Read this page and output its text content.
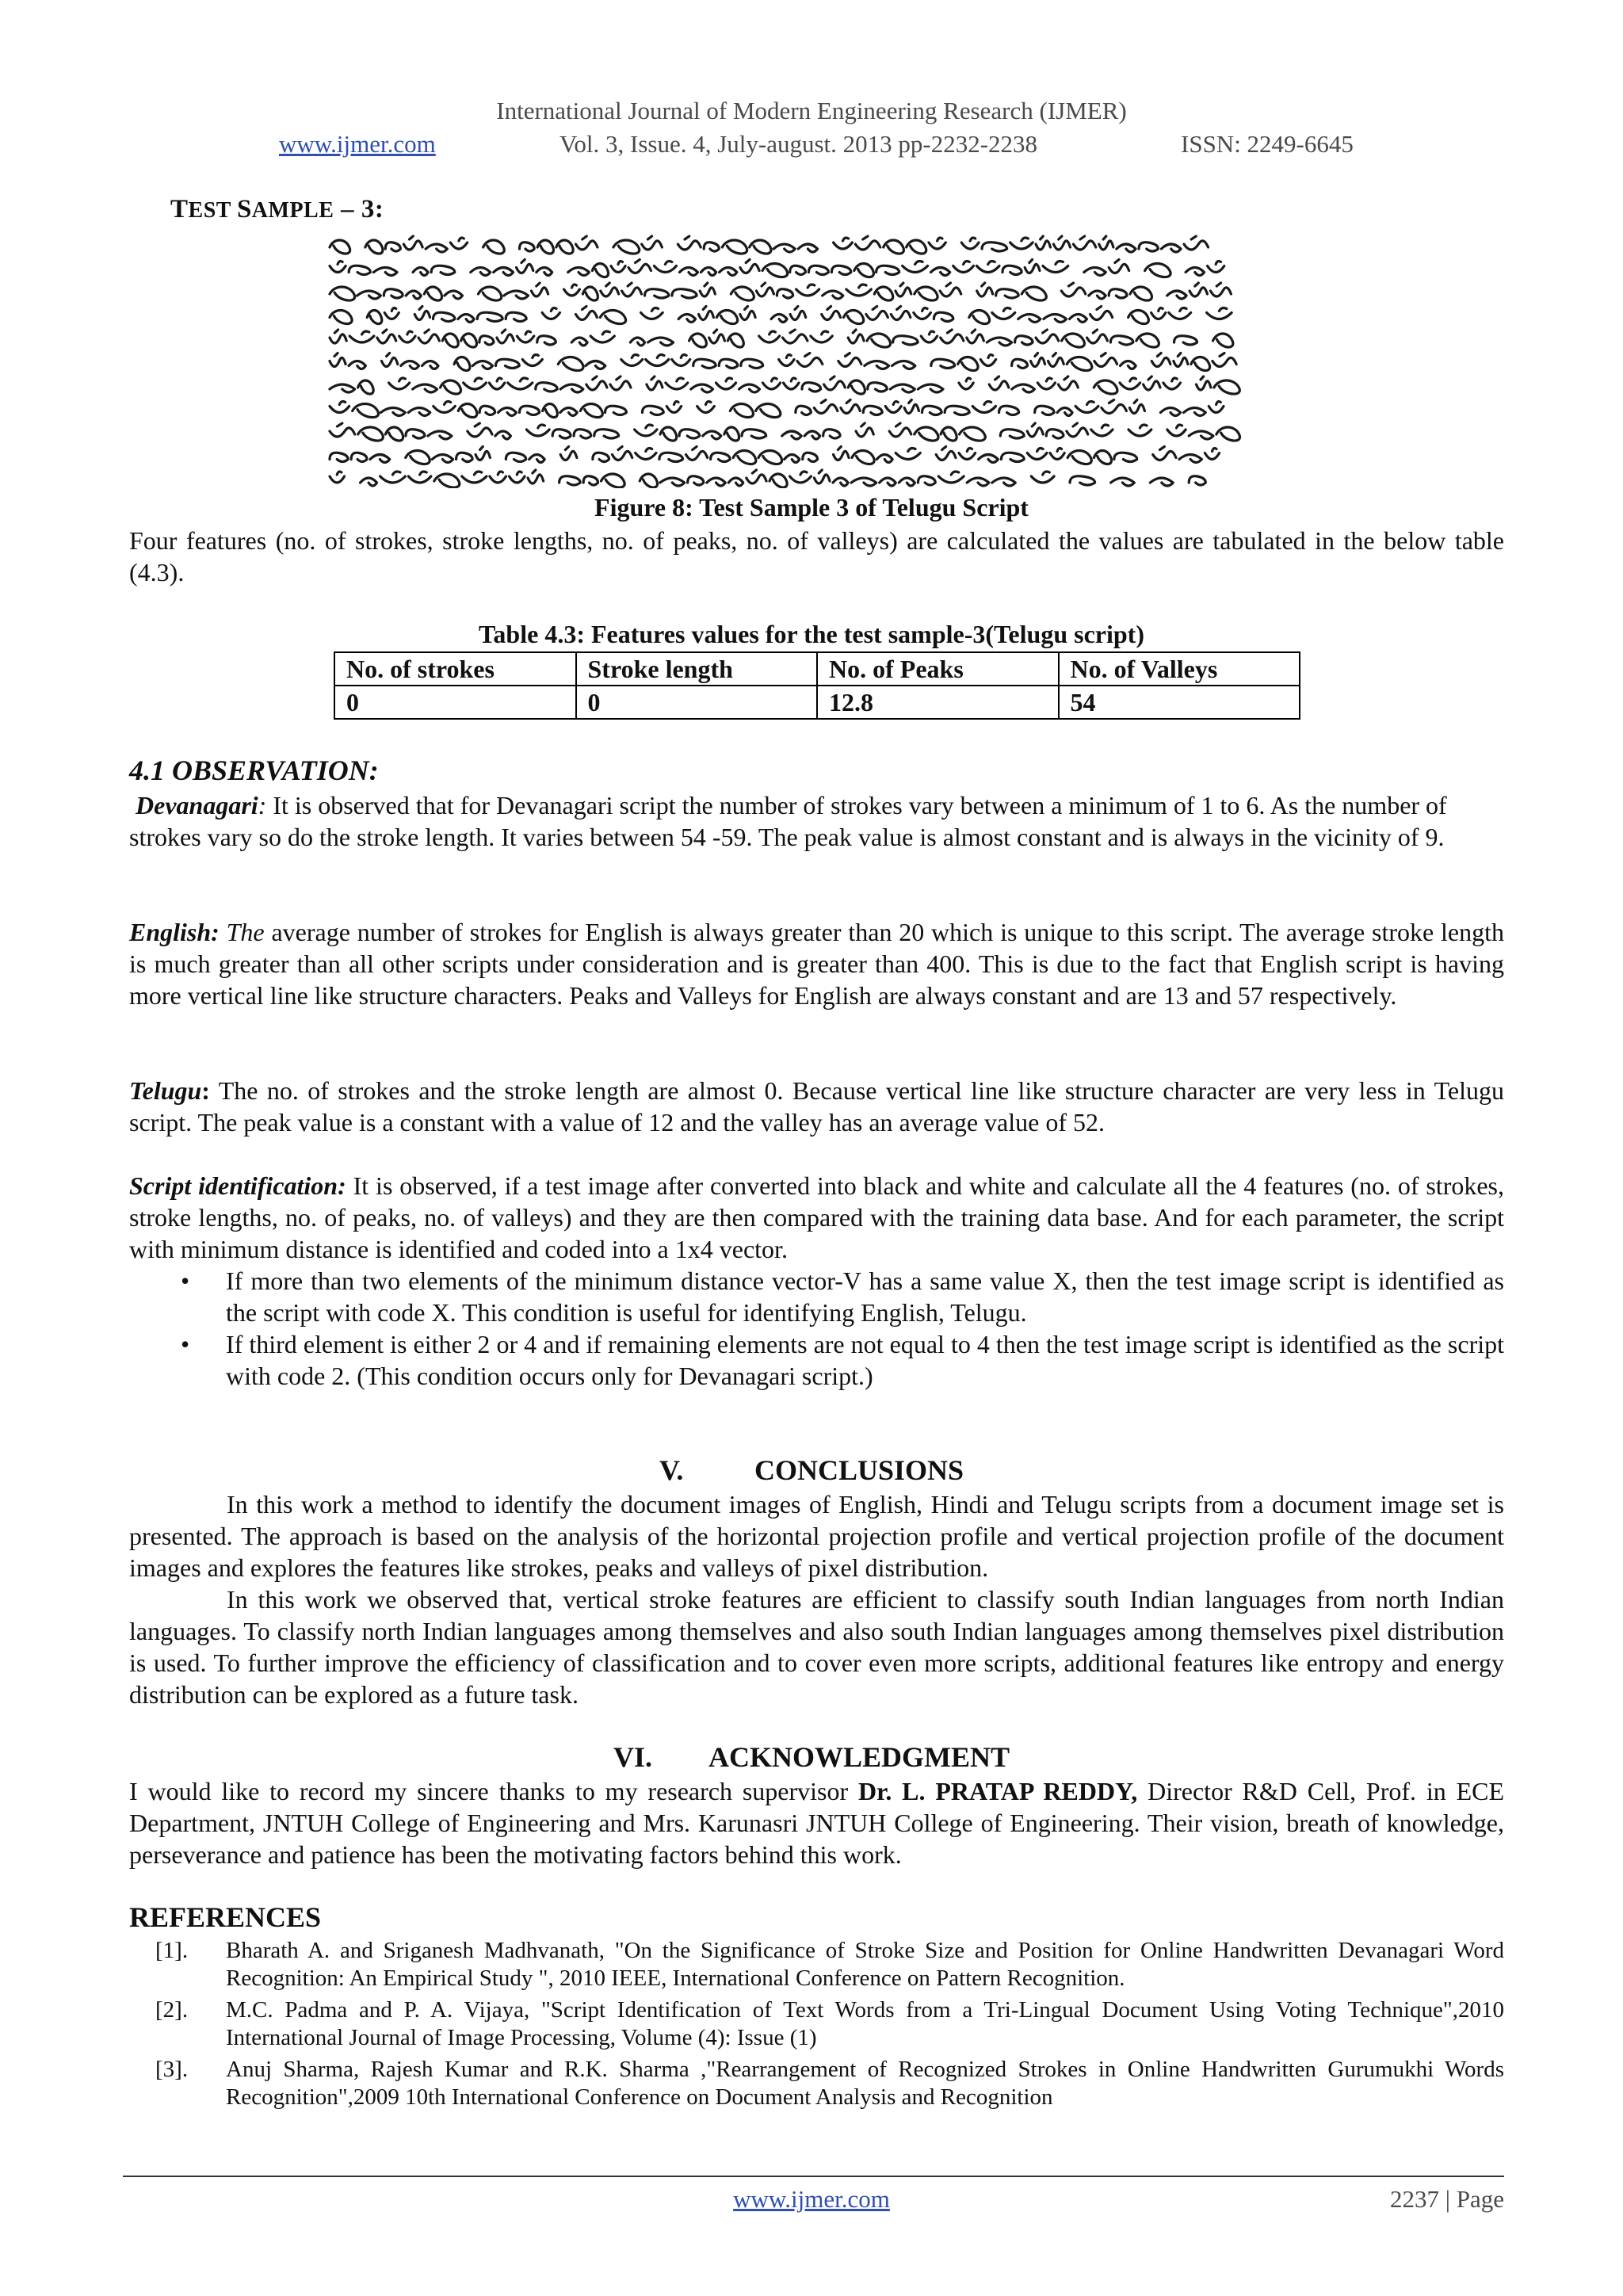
International Journal of Modern Engineering Research (IJMER)
www.ijmer.com	Vol. 3, Issue. 4, July-august. 2013 pp-2232-2238	ISSN: 2249-6645
TEST SAMPLE – 3:
Figure 8: Test Sample 3 of Telugu Script
Four features (no. of strokes, stroke lengths, no. of peaks, no. of valleys) are calculated the values are tabulated in the below table (4.3).
Table 4.3: Features values for the test sample-3(Telugu script)
No. of strokes	Stroke length	No. of Peaks	No. of Valleys
0	0	12.8	54
4.1 OBSERVATION:
Devanagari: It is observed that for Devanagari script the number of strokes vary between a minimum of 1 to 6. As the number of strokes vary so do the stroke length. It varies between 54 -59. The peak value is almost constant and is always in the vicinity of 9.
English: The average number of strokes for English is always greater than 20 which is unique to this script. The average stroke length is much greater than all other scripts under consideration and is greater than 400. This is due to the fact that English script is having more vertical line like structure characters. Peaks and Valleys for English are always constant and are 13 and 57 respectively.
Telugu: The no. of strokes and the stroke length are almost 0. Because vertical line like structure character are very less in Telugu script. The peak value is a constant with a value of 12 and the valley has an average value of 52.
Script identification: It is observed, if a test image after converted into black and white and calculate all the 4 features (no. of strokes, stroke lengths, no. of peaks, no. of valleys) and they are then compared with the training data base. And for each parameter, the script with minimum distance is identified and coded into a 1x4 vector.
• If more than two elements of the minimum distance vector-V has a same value X, then the test image script is identified as the script with code X. This condition is useful for identifying English, Telugu.
• If third element is either 2 or 4 and if remaining elements are not equal to 4 then the test image script is identified as the script with code 2. (This condition occurs only for Devanagari script.)
V. CONCLUSIONS
In this work a method to identify the document images of English, Hindi and Telugu scripts from a document image set is presented. The approach is based on the analysis of the horizontal projection profile and vertical projection profile of the document images and explores the features like strokes, peaks and valleys of pixel distribution.
In this work we observed that, vertical stroke features are efficient to classify south Indian languages from north Indian languages. To classify north Indian languages among themselves and also south Indian languages among themselves pixel distribution is used. To further improve the efficiency of classification and to cover even more scripts, additional features like entropy and energy distribution can be explored as a future task.
VI. ACKNOWLEDGMENT
I would like to record my sincere thanks to my research supervisor Dr. L. PRATAP REDDY, Director R&D Cell, Prof. in ECE Department, JNTUH College of Engineering and Mrs. Karunasri JNTUH College of Engineering. Their vision, breath of knowledge, perseverance and patience has been the motivating factors behind this work.
REFERENCES
[1]. Bharath A. and Sriganesh Madhvanath, "On the Significance of Stroke Size and Position for Online Handwritten Devanagari Word Recognition: An Empirical Study ", 2010 IEEE, International Conference on Pattern Recognition.
[2]. M.C. Padma and P. A. Vijaya, "Script Identification of Text Words from a Tri-Lingual Document Using Voting Technique",2010 International Journal of Image Processing, Volume (4): Issue (1)
[3]. Anuj Sharma, Rajesh Kumar and R.K. Sharma ,"Rearrangement of Recognized Strokes in Online Handwritten Gurumukhi Words Recognition",2009 10th International Conference on Document Analysis and Recognition
www.ijmer.com	2237 | Page
